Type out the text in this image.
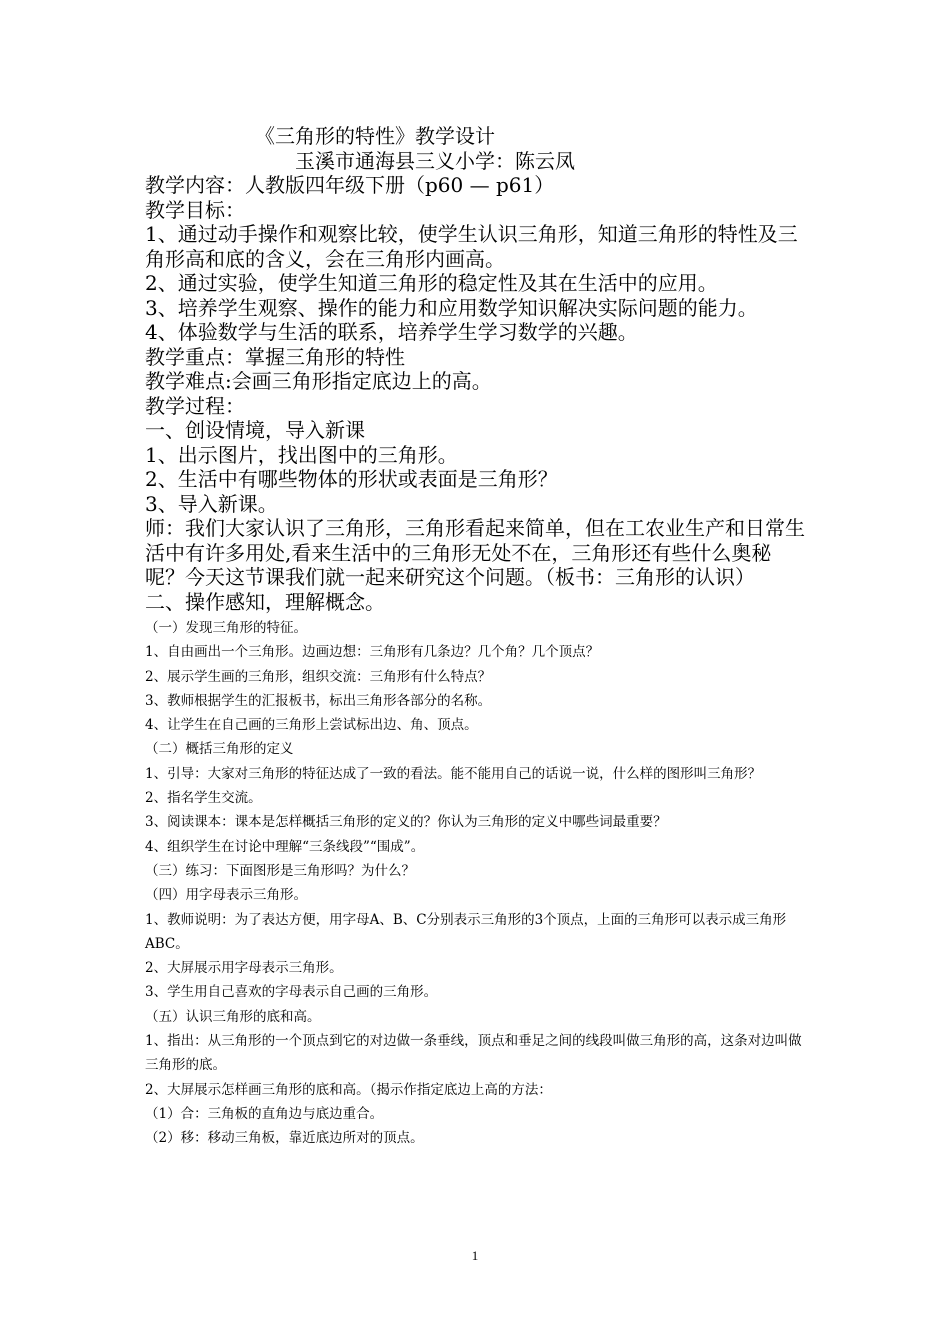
《三角形的特性》教学设计

玉溪市通海县三义小学：陈云凤

教学内容：人教版四年级下册（p60 — p61）

教学目标：

1、通过动手操作和观察比较，使学生认识三角形，知道三角形的特性及三角形高和底的含义，会在三角形内画高。

2、通过实验，使学生知道三角形的稳定性及其在生活中的应用。

3、培养学生观察、操作的能力和应用数学知识解决实际问题的能力。

4、体验数学与生活的联系，培养学生学习数学的兴趣。

教学重点：掌握三角形的特性

教学难点:会画三角形指定底边上的高。

教学过程：

一、创设情境，导入新课

1、出示图片，找出图中的三角形。

2、生活中有哪些物体的形状或表面是三角形？

3、导入新课。

师：我们大家认识了三角形，三角形看起来简单，但在工农业生产和日常生活中有许多用处,看来生活中的三角形无处不在，三角形还有些什么奥秘呢？今天这节课我们就一起来研究这个问题。（板书：三角形的认识）

二、操作感知，理解概念。

（一）发现三角形的特征。

1、自由画出一个三角形。边画边想：三角形有几条边？几个角？几个顶点？

2、展示学生画的三角形，组织交流：三角形有什么特点？

3、教师根据学生的汇报板书，标出三角形各部分的名称。

4、让学生在自己画的三角形上尝试标出边、角、顶点。

（二）概括三角形的定义

1、引导：大家对三角形的特征达成了一致的看法。能不能用自己的话说一说，什么样的图形叫三角形？

2、指名学生交流。

3、阅读课本：课本是怎样概括三角形的定义的？你认为三角形的定义中哪些词最重要？

4、组织学生在讨论中理解“三条线段”“围成”。

（三）练习：下面图形是三角形吗？为什么？

（四）用字母表示三角形。

1、教师说明：为了表达方便，用字母A、B、C分别表示三角形的3个顶点，上面的三角形可以表示成三角形ABC。

2、大屏展示用字母表示三角形。

3、学生用自己喜欢的字母表示自己画的三角形。

（五）认识三角形的底和高。

1、指出：从三角形的一个顶点到它的对边做一条垂线，顶点和垂足之间的线段叫做三角形的高，这条对边叫做三角形的底。

2、大屏展示怎样画三角形的底和高。（揭示作指定底边上高的方法：

（1）合：三角板的直角边与底边重合。

（2）移：移动三角板，靠近底边所对的顶点。

1
